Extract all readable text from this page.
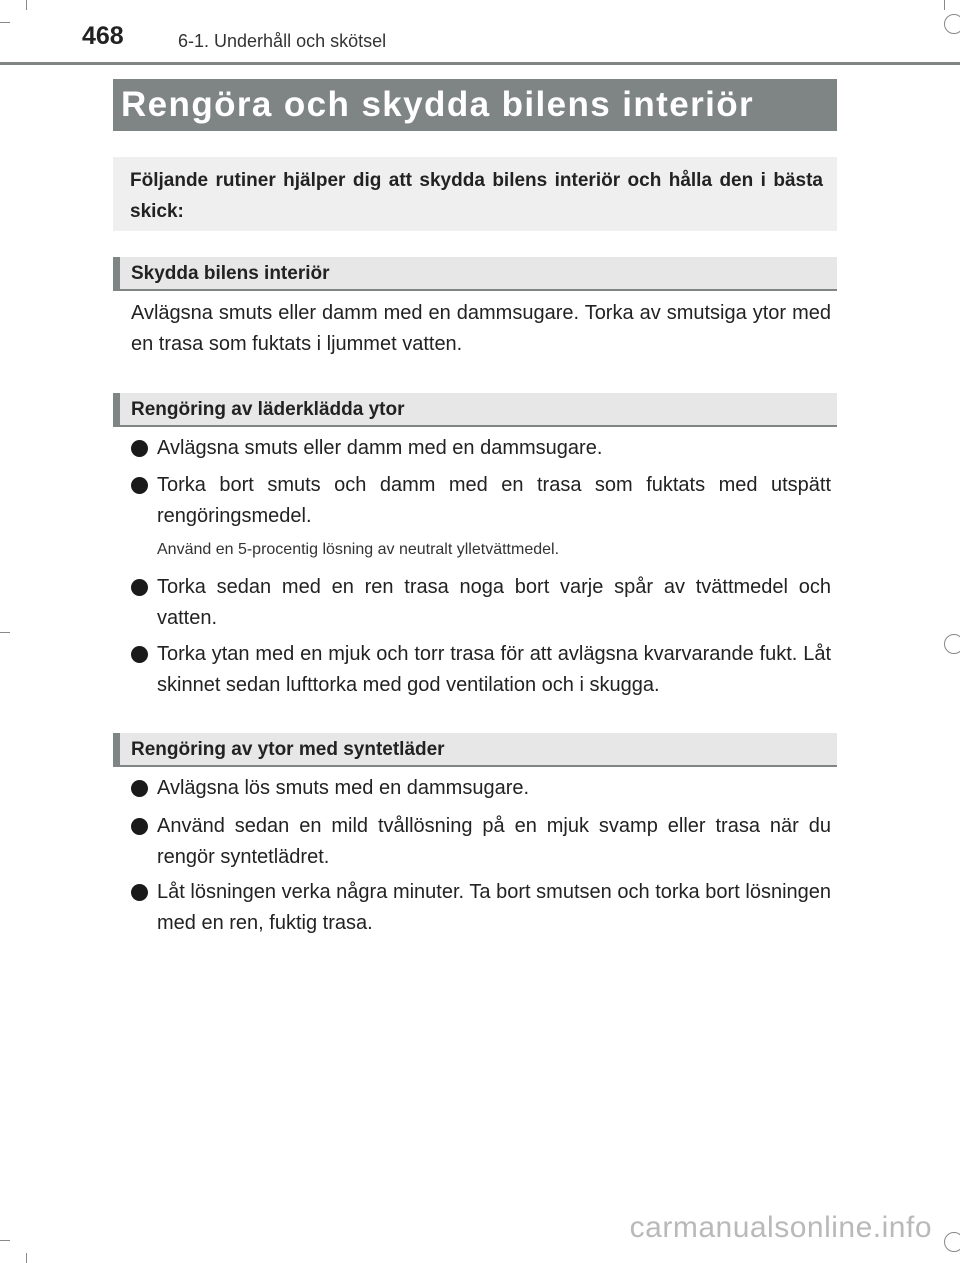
468	6-1. Underhåll och skötsel
Rengöra och skydda bilens interiör

Följande rutiner hjälper dig att skydda bilens interiör och hålla den i bästa skick:

Skydda bilens interiör

Avlägsna smuts eller damm med en dammsugare. Torka av smutsiga ytor med en trasa som fuktats i ljummet vatten.

Rengöring av läderklädda ytor

Avlägsna smuts eller damm med en dammsugare.

Torka bort smuts och damm med en trasa som fuktats med utspätt rengöringsmedel.

Använd en 5-procentig lösning av neutralt ylletvättmedel.

Torka sedan med en ren trasa noga bort varje spår av tvättmedel och vatten.

Torka ytan med en mjuk och torr trasa för att avlägsna kvarvarande fukt. Låt skinnet sedan lufttorka med god ventilation och i skugga.

Rengöring av ytor med syntetläder

Avlägsna lös smuts med en dammsugare.

Använd sedan en mild tvållösning på en mjuk svamp eller trasa när du rengör syntetlädret.

Låt lösningen verka några minuter. Ta bort smutsen och torka bort lösningen med en ren, fuktig trasa.

carmanualsonline.info
